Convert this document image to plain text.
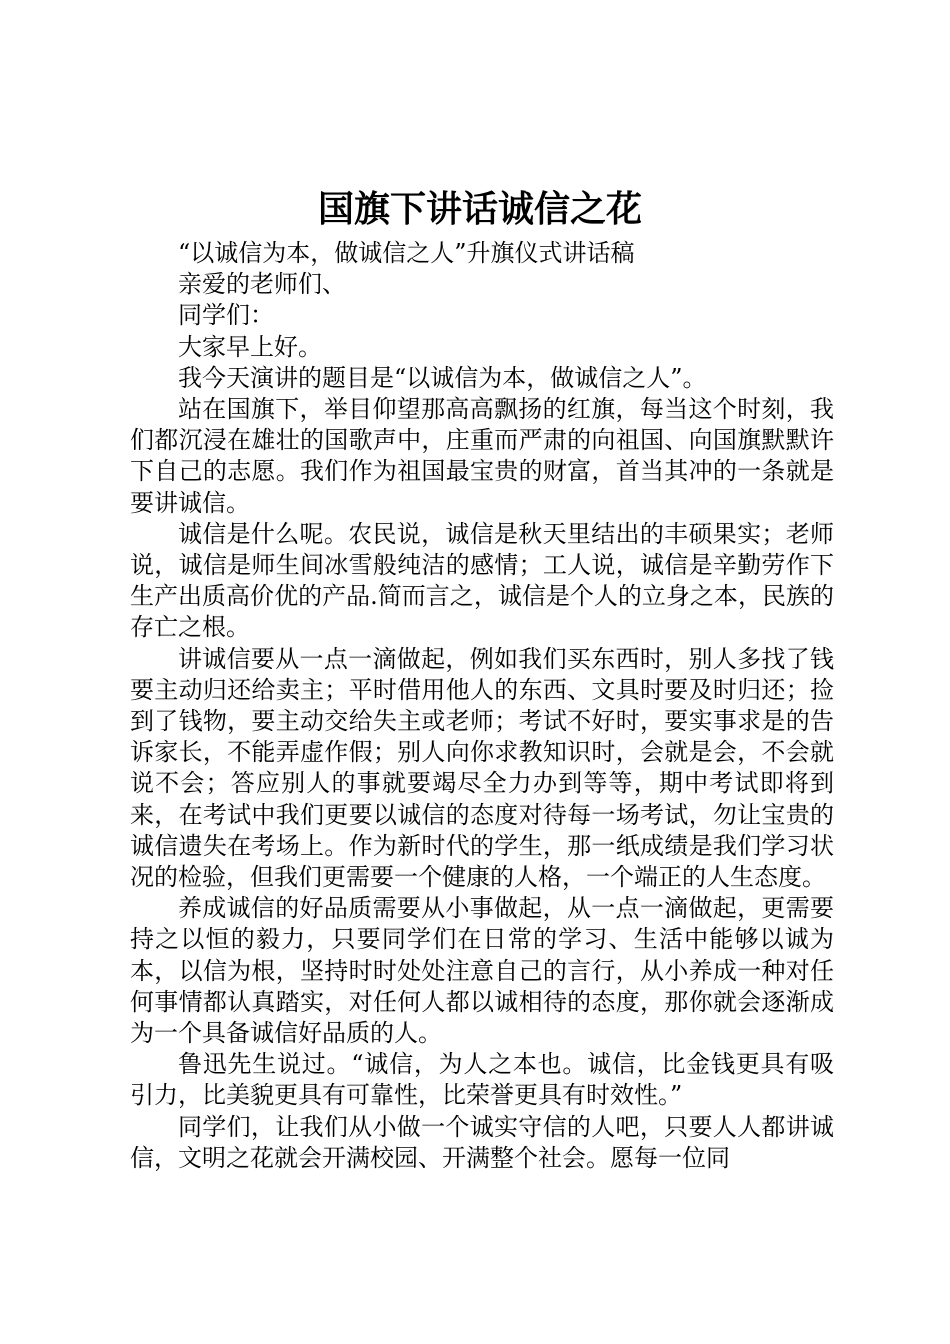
国旗下讲话诚信之花

“以诚信为本，做诚信之人”升旗仪式讲话稿

亲爱的老师们、

同学们：

大家早上好。

我今天演讲的题目是“以诚信为本，做诚信之人”。

站在国旗下，举目仰望那高高飘扬的红旗，每当这个时刻，我们都沉浸在雄壮的国歌声中，庄重而严肃的向祖国、向国旗默默许下自己的志愿。我们作为祖国最宝贵的财富，首当其冲的一条就是要讲诚信。

诚信是什么呢。农民说，诚信是秋天里结出的丰硕果实；老师说，诚信是师生间冰雪般纯洁的感情；工人说，诚信是辛勤劳作下生产出质高价优的产品.简而言之，诚信是个人的立身之本，民族的存亡之根。

讲诚信要从一点一滴做起，例如我们买东西时，别人多找了钱要主动归还给卖主；平时借用他人的东西、文具时要及时归还；捡到了钱物，要主动交给失主或老师；考试不好时，要实事求是的告诉家长，不能弄虚作假；别人向你求教知识时，会就是会，不会就说不会；答应别人的事就要竭尽全力办到等等，期中考试即将到来，在考试中我们更要以诚信的态度对待每一场考试，勿让宝贵的诚信遗失在考场上。作为新时代的学生，那一纸成绩是我们学习状况的检验，但我们更需要一个健康的人格，一个端正的人生态度。

养成诚信的好品质需要从小事做起，从一点一滴做起，更需要持之以恒的毅力，只要同学们在日常的学习、生活中能够以诚为本，以信为根，坚持时时处处注意自己的言行，从小养成一种对任何事情都认真踏实，对任何人都以诚相待的态度，那你就会逐渐成为一个具备诚信好品质的人。

鲁迅先生说过。“诚信，为人之本也。诚信，比金钱更具有吸引力，比美貌更具有可靠性，比荣誉更具有时效性。”

同学们，让我们从小做一个诚实守信的人吧，只要人人都讲诚信，文明之花就会开满校园、开满整个社会。愿每一位同
